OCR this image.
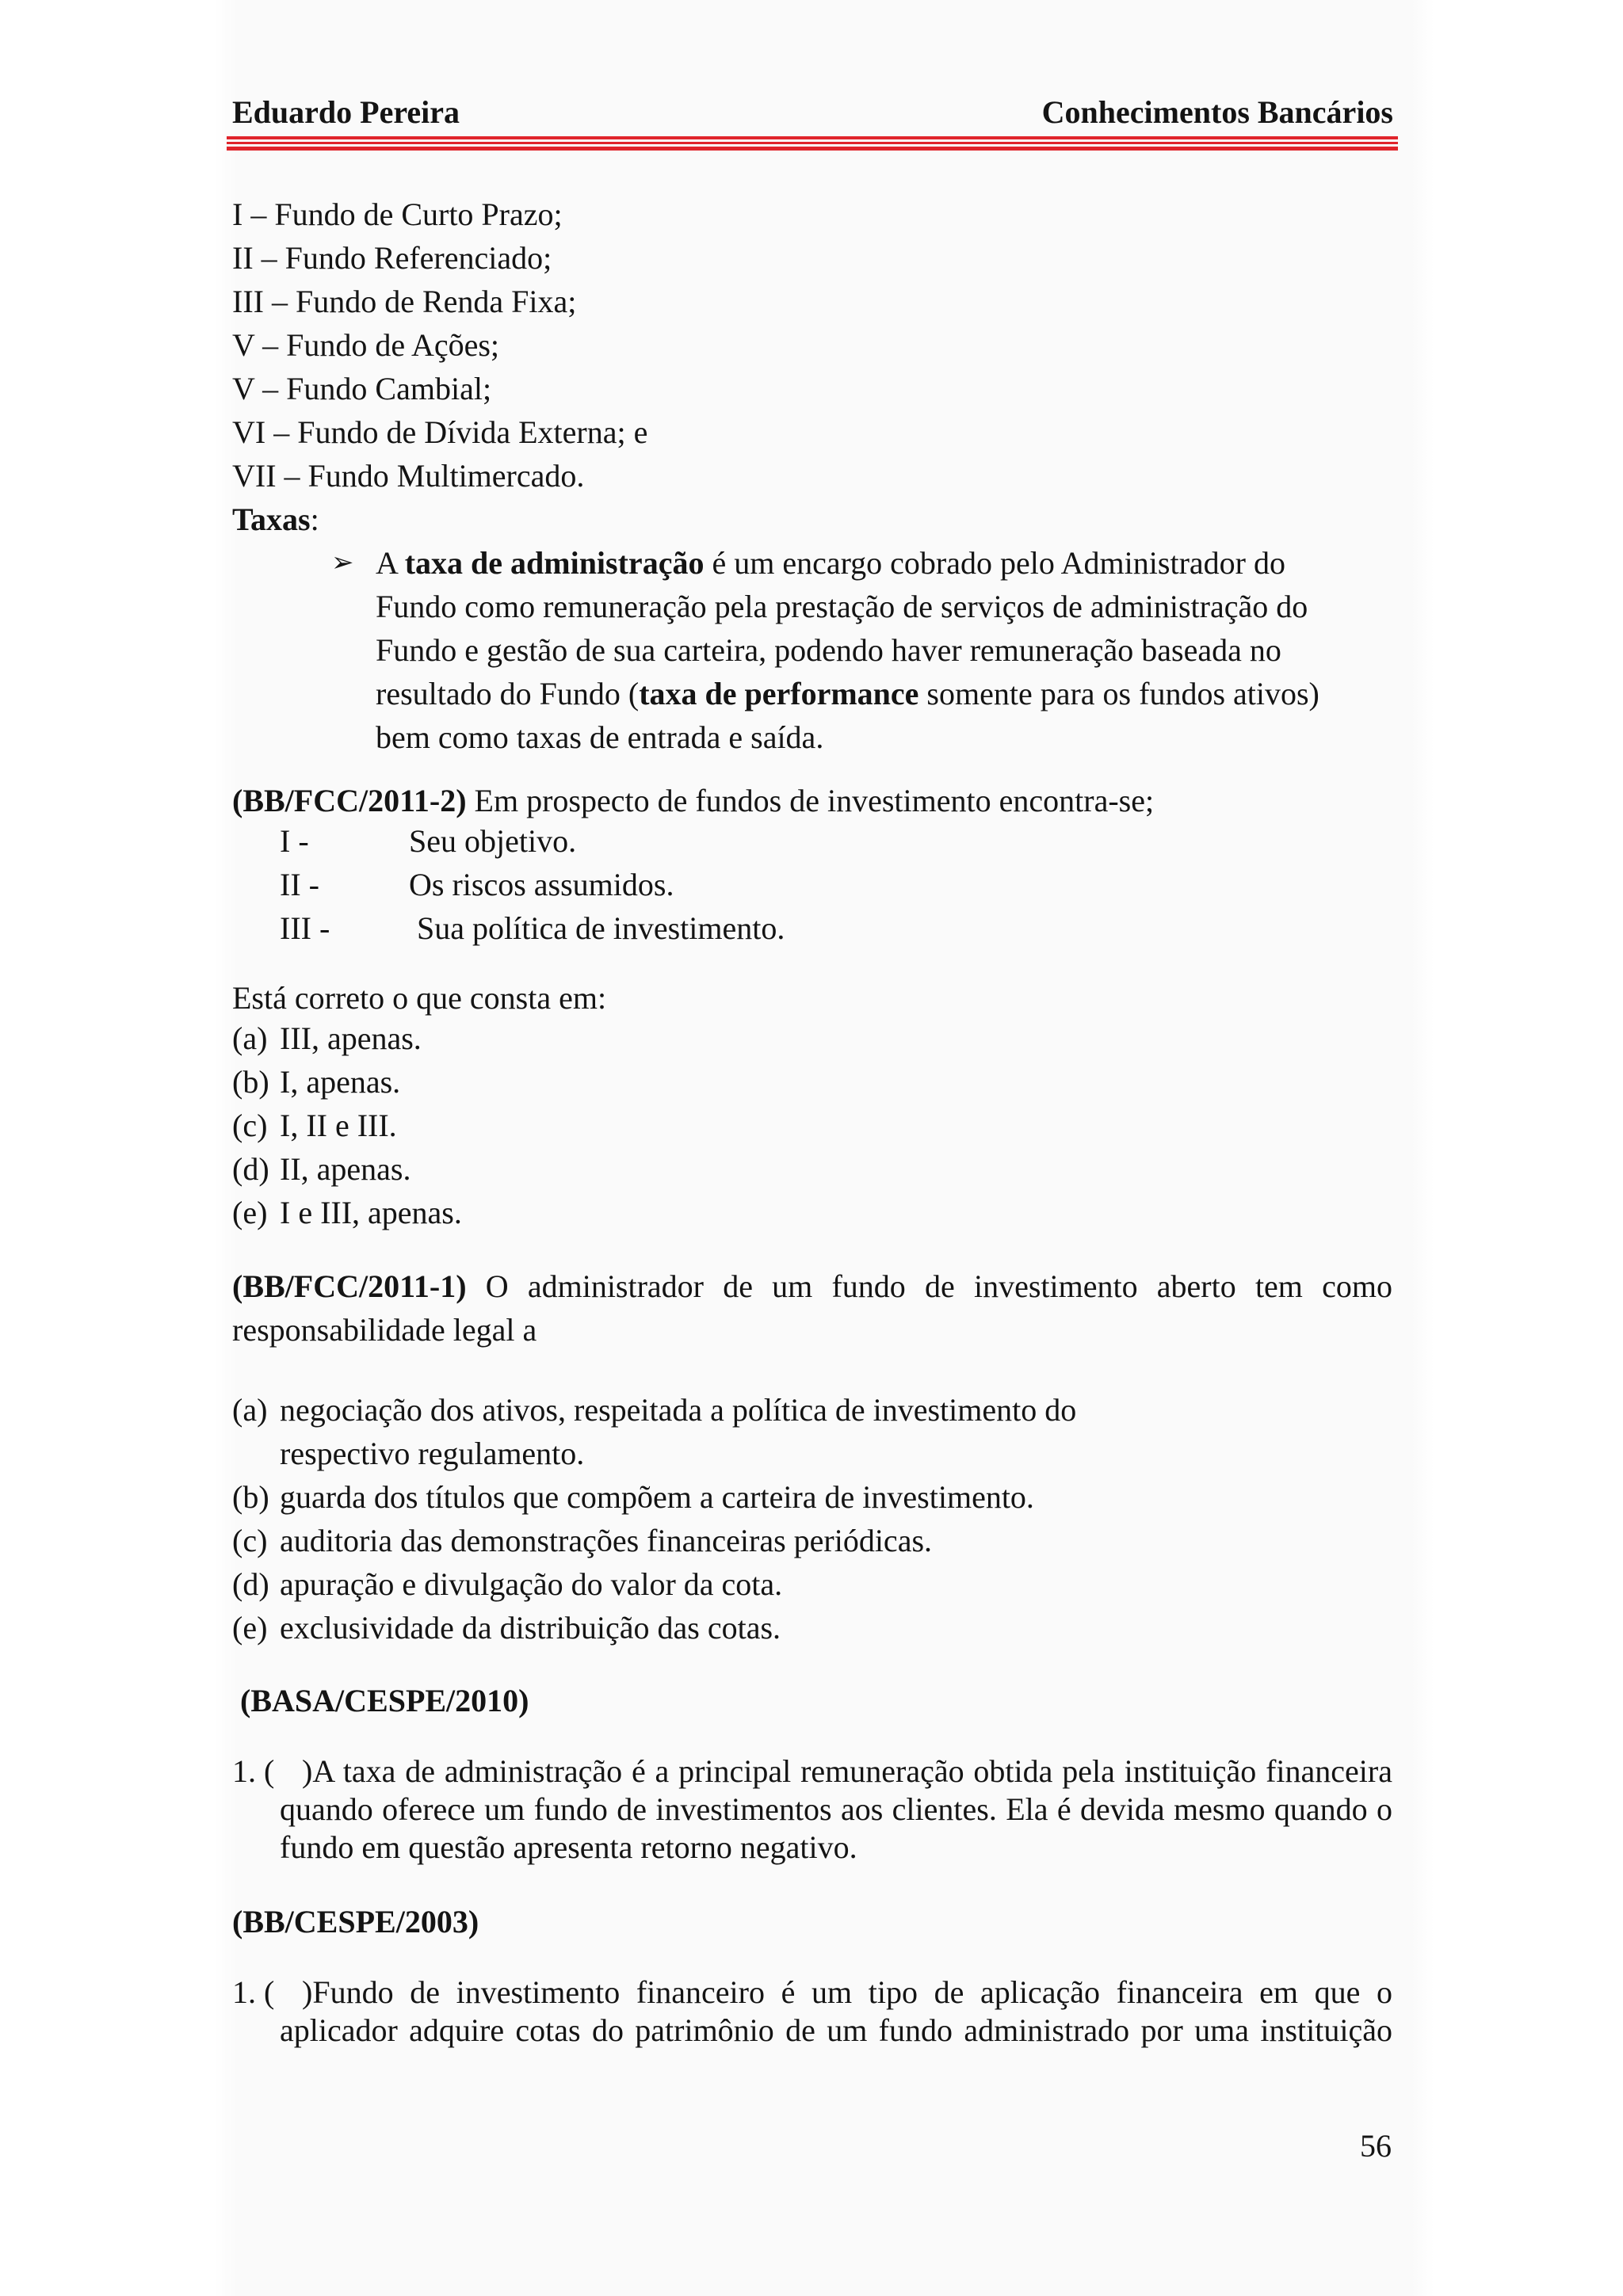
Eduardo Pereira	Conhecimentos Bancários
I – Fundo de Curto Prazo;
II – Fundo Referenciado;
III – Fundo de Renda Fixa;
V – Fundo de Ações;
V – Fundo Cambial;
VI – Fundo de Dívida Externa; e
VII – Fundo Multimercado.
Taxas:
➢ A taxa de administração é um encargo cobrado pelo Administrador do Fundo como remuneração pela prestação de serviços de administração do Fundo e gestão de sua carteira, podendo haver remuneração baseada no resultado do Fundo (taxa de performance somente para os fundos ativos) bem como taxas de entrada e saída.
(BB/FCC/2011-2) Em prospecto de fundos de investimento encontra-se;
I -	Seu objetivo.
II -	Os riscos assumidos.
III -	Sua política de investimento.
Está correto o que consta em:
(a) III, apenas.
(b) I, apenas.
(c) I, II e III.
(d) II, apenas.
(e) I e III, apenas.
(BB/FCC/2011-1) O administrador de um fundo de investimento aberto tem como responsabilidade legal a
(a) negociação dos ativos, respeitada a política de investimento do respectivo regulamento.
(b) guarda dos títulos que compõem a carteira de investimento.
(c) auditoria das demonstrações financeiras periódicas.
(d) apuração e divulgação do valor da cota.
(e) exclusividade da distribuição das cotas.
(BASA/CESPE/2010)
1. ( )A taxa de administração é a principal remuneração obtida pela instituição financeira quando oferece um fundo de investimentos aos clientes. Ela é devida mesmo quando o fundo em questão apresenta retorno negativo.
(BB/CESPE/2003)
1. ( )Fundo de investimento financeiro é um tipo de aplicação financeira em que o aplicador adquire cotas do patrimônio de um fundo administrado por uma instituição
56
